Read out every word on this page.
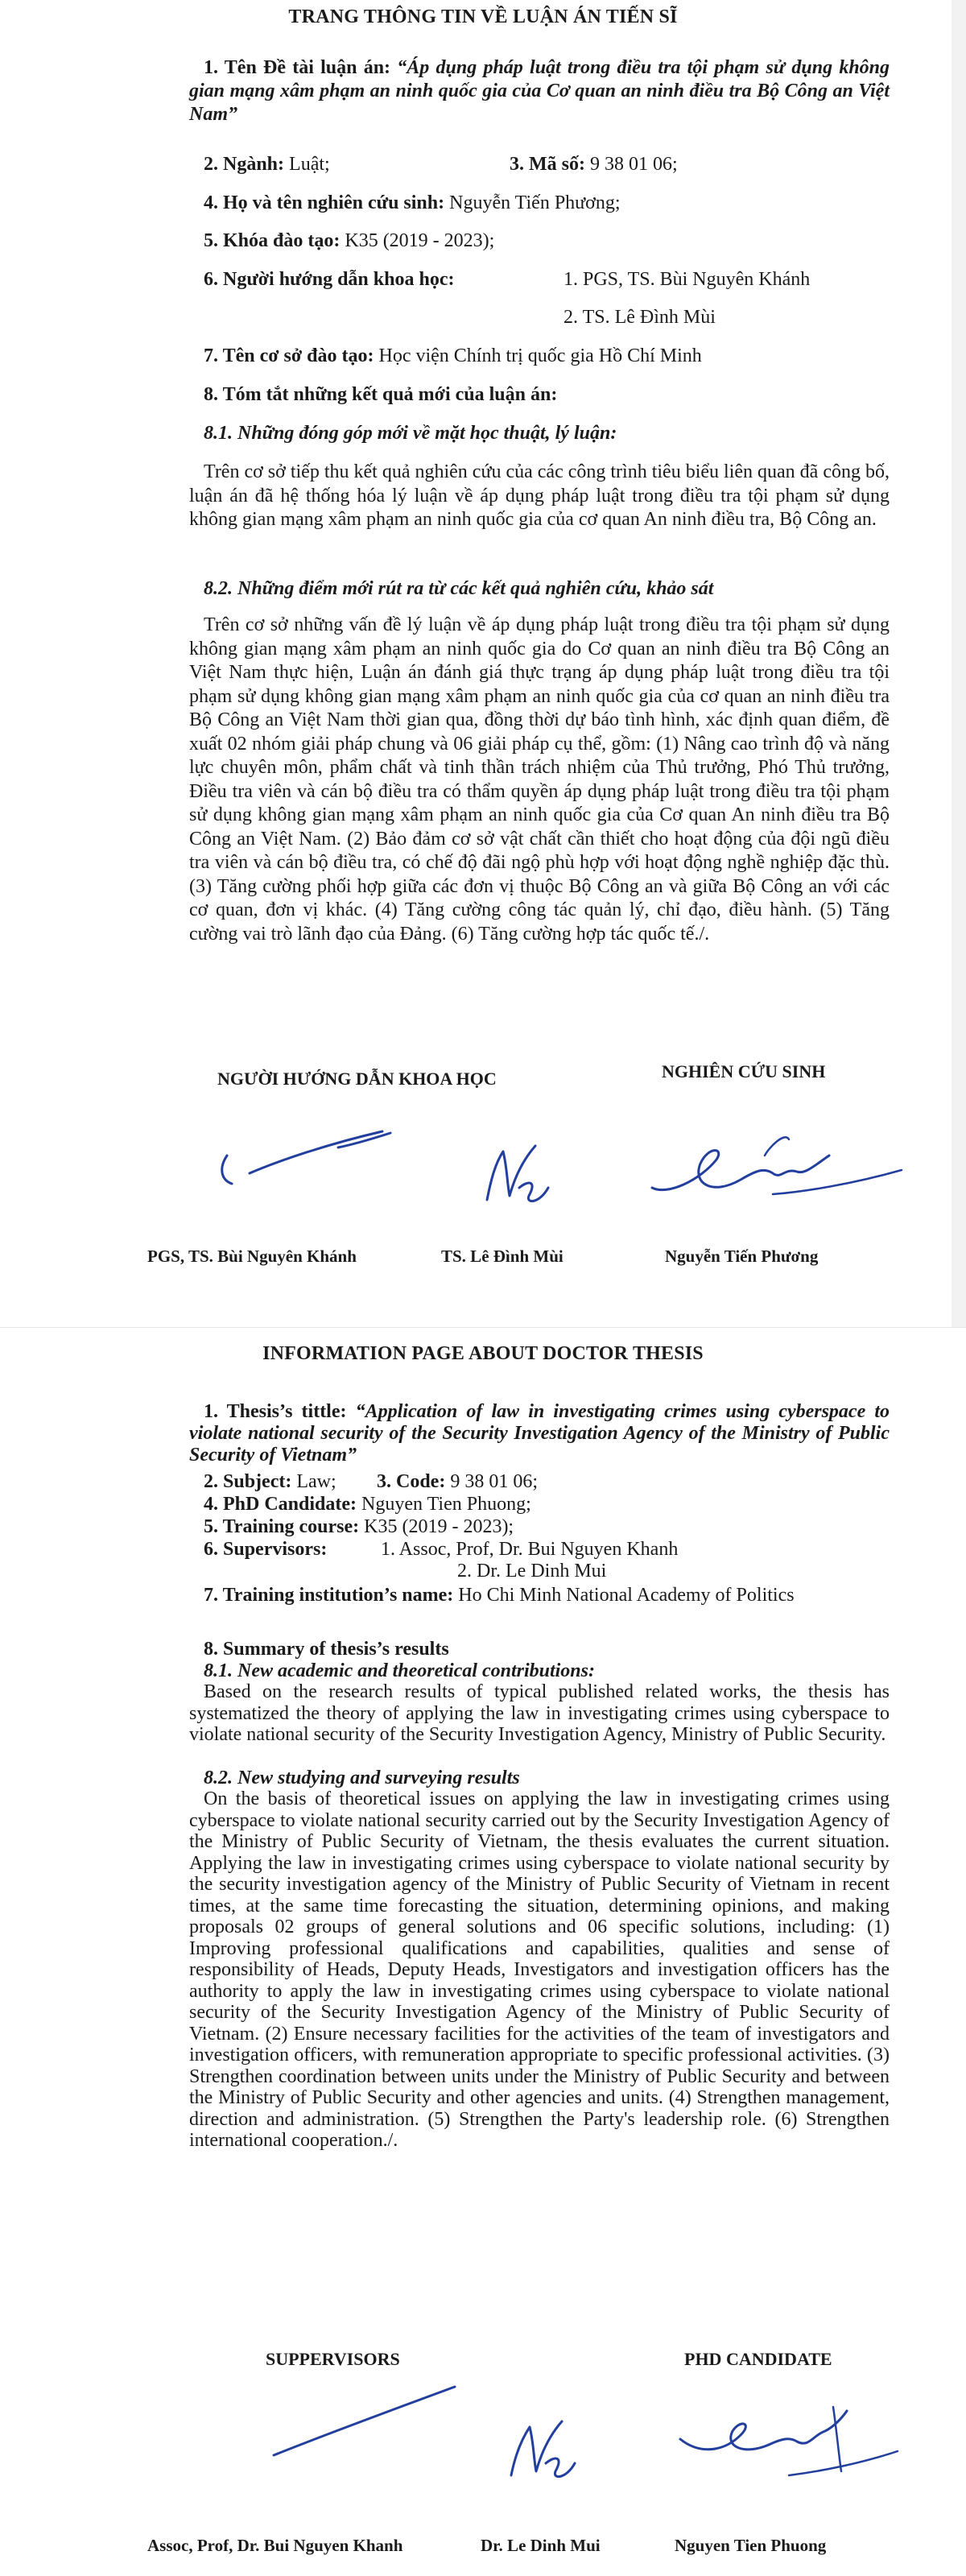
TRANG THÔNG TIN VỀ LUẬN ÁN TIẾN SĨ
1. Tên Đề tài luận án: “Áp dụng pháp luật trong điều tra tội phạm sử dụng không gian mạng xâm phạm an ninh quốc gia của Cơ quan an ninh điều tra Bộ Công an Việt Nam”
2. Ngành: Luật;	3. Mã số: 9 38 01 06;
4. Họ và tên nghiên cứu sinh: Nguyễn Tiến Phương;
5. Khóa đào tạo: K35 (2019 - 2023);
6. Người hướng dẫn khoa học:	1. PGS, TS. Bùi Nguyên Khánh
2. TS. Lê Đình Mùi
7. Tên cơ sở đào tạo: Học viện Chính trị quốc gia Hồ Chí Minh
8. Tóm tắt những kết quả mới của luận án:
8.1. Những đóng góp mới về mặt học thuật, lý luận:
Trên cơ sở tiếp thu kết quả nghiên cứu của các công trình tiêu biểu liên quan đã công bố, luận án đã hệ thống hóa lý luận về áp dụng pháp luật trong điều tra tội phạm sử dụng không gian mạng xâm phạm an ninh quốc gia của cơ quan An ninh điều tra, Bộ Công an.
8.2. Những điểm mới rút ra từ các kết quả nghiên cứu, khảo sát
Trên cơ sở những vấn đề lý luận về áp dụng pháp luật trong điều tra tội phạm sử dụng không gian mạng xâm phạm an ninh quốc gia do Cơ quan an ninh điều tra Bộ Công an Việt Nam thực hiện, Luận án đánh giá thực trạng áp dụng pháp luật trong điều tra tội phạm sử dụng không gian mạng xâm phạm an ninh quốc gia của cơ quan an ninh điều tra Bộ Công an Việt Nam thời gian qua, đồng thời dự báo tình hình, xác định quan điểm, đề xuất 02 nhóm giải pháp chung và 06 giải pháp cụ thể, gồm: (1) Nâng cao trình độ và năng lực chuyên môn, phẩm chất và tinh thần trách nhiệm của Thủ trưởng, Phó Thủ trưởng, Điều tra viên và cán bộ điều tra có thẩm quyền áp dụng pháp luật trong điều tra tội phạm sử dụng không gian mạng xâm phạm an ninh quốc gia của Cơ quan An ninh điều tra Bộ Công an Việt Nam. (2) Bảo đảm cơ sở vật chất cần thiết cho hoạt động của đội ngũ điều tra viên và cán bộ điều tra, có chế độ đãi ngộ phù hợp với hoạt động nghề nghiệp đặc thù. (3) Tăng cường phối hợp giữa các đơn vị thuộc Bộ Công an và giữa Bộ Công an với các cơ quan, đơn vị khác. (4) Tăng cường công tác quản lý, chỉ đạo, điều hành. (5) Tăng cường vai trò lãnh đạo của Đảng. (6) Tăng cường hợp tác quốc tế./.
NGƯỜI HƯỚNG DẪN KHOA HỌC	NGHIÊN CỨU SINH
PGS, TS. Bùi Nguyên Khánh	TS. Lê Đình Mùi	Nguyễn Tiến Phương
INFORMATION PAGE ABOUT DOCTOR THESIS
1. Thesis’s tittle: “Application of law in investigating crimes using cyberspace to violate national security of the Security Investigation Agency of the Ministry of Public Security of Vietnam”
2. Subject: Law; 3. Code: 9 38 01 06;
4. PhD Candidate: Nguyen Tien Phuong;
5. Training course: K35 (2019 - 2023);
6. Supervisors:	1. Assoc, Prof, Dr. Bui Nguyen Khanh
2. Dr. Le Dinh Mui
7. Training institution’s name: Ho Chi Minh National Academy of Politics
8. Summary of thesis’s results
8.1. New academic and theoretical contributions:
Based on the research results of typical published related works, the thesis has systematized the theory of applying the law in investigating crimes using cyberspace to violate national security of the Security Investigation Agency, Ministry of Public Security.
8.2. New studying and surveying results
On the basis of theoretical issues on applying the law in investigating crimes using cyberspace to violate national security carried out by the Security Investigation Agency of the Ministry of Public Security of Vietnam, the thesis evaluates the current situation. Applying the law in investigating crimes using cyberspace to violate national security by the security investigation agency of the Ministry of Public Security of Vietnam in recent times, at the same time forecasting the situation, determining opinions, and making proposals 02 groups of general solutions and 06 specific solutions, including: (1) Improving professional qualifications and capabilities, qualities and sense of responsibility of Heads, Deputy Heads, Investigators and investigation officers has the authority to apply the law in investigating crimes using cyberspace to violate national security of the Security Investigation Agency of the Ministry of Public Security of Vietnam. (2) Ensure necessary facilities for the activities of the team of investigators and investigation officers, with remuneration appropriate to specific professional activities. (3) Strengthen coordination between units under the Ministry of Public Security and between the Ministry of Public Security and other agencies and units. (4) Strengthen management, direction and administration. (5) Strengthen the Party's leadership role. (6) Strengthen international cooperation./.
SUPPERVISORS	PHD CANDIDATE
Assoc, Prof, Dr. Bui Nguyen Khanh	Dr. Le Dinh Mui	Nguyen Tien Phuong
